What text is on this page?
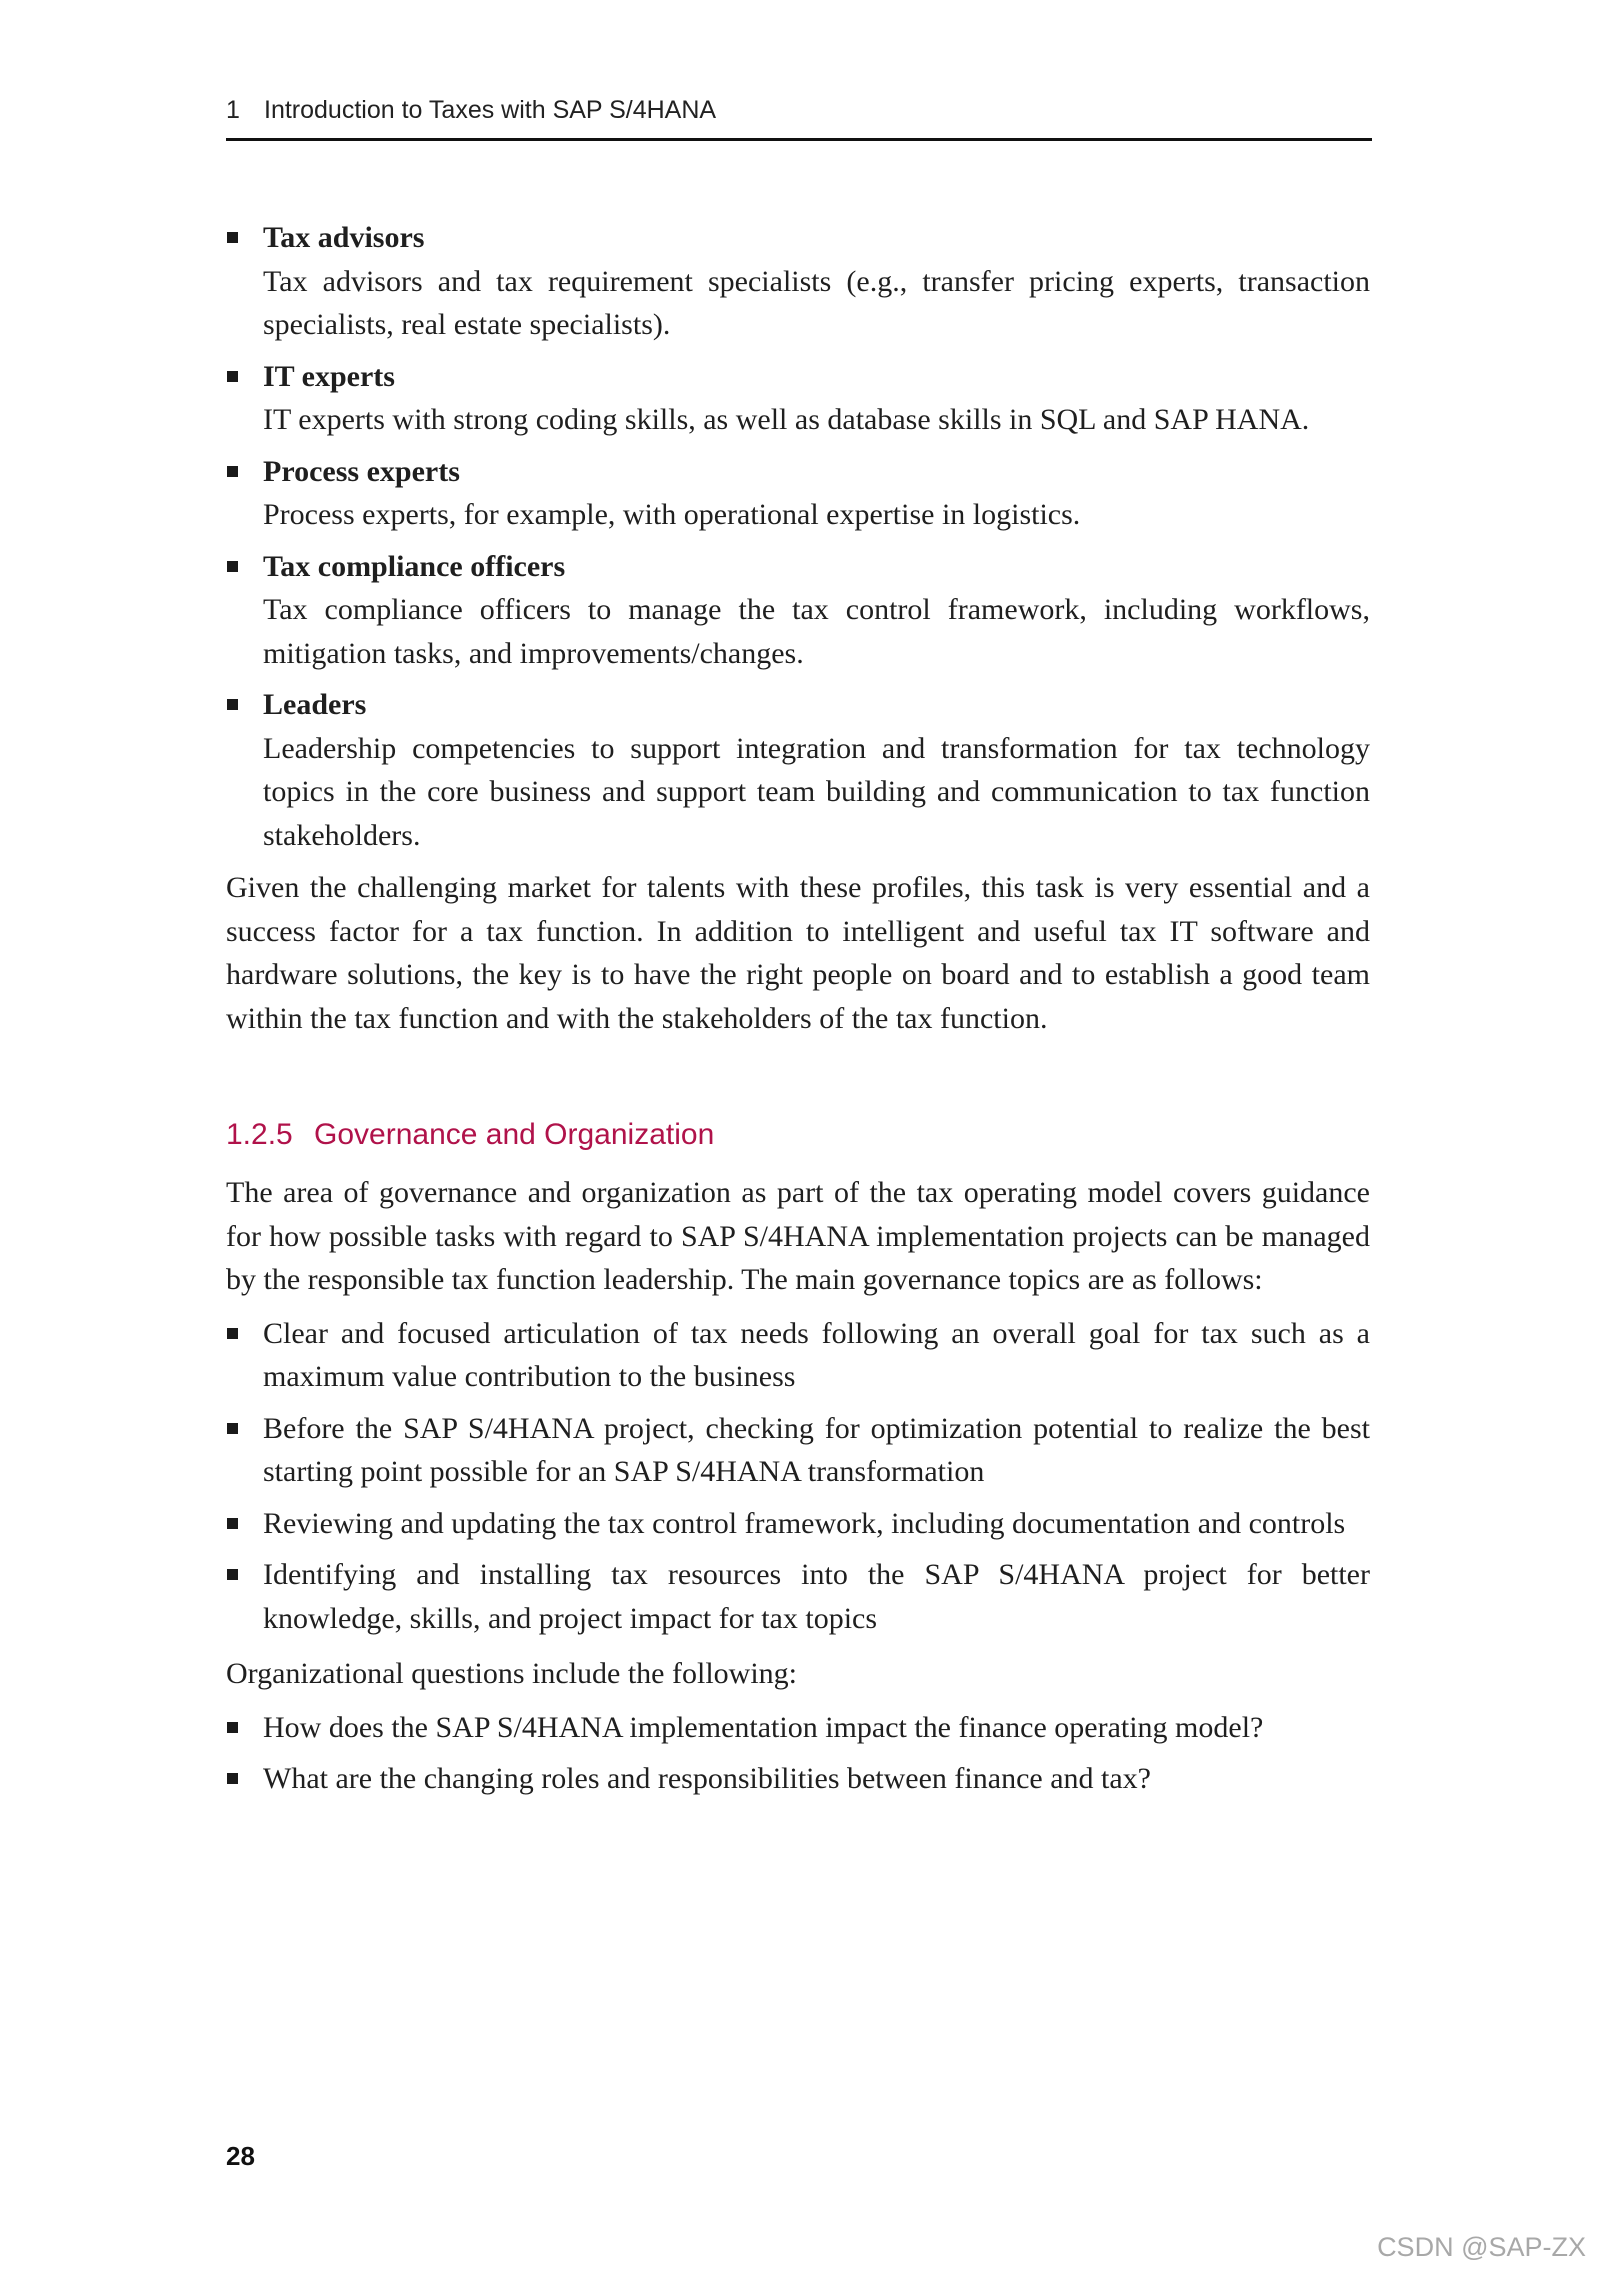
1 Introduction to Taxes with SAP S/4HANA
Tax advisors
Tax advisors and tax requirement specialists (e.g., transfer pricing experts, transaction specialists, real estate specialists).
IT experts
IT experts with strong coding skills, as well as database skills in SQL and SAP HANA.
Process experts
Process experts, for example, with operational expertise in logistics.
Tax compliance officers
Tax compliance officers to manage the tax control framework, including workflows, mitigation tasks, and improvements/changes.
Leaders
Leadership competencies to support integration and transformation for tax technology topics in the core business and support team building and communication to tax function stakeholders.

Given the challenging market for talents with these profiles, this task is very essential and a success factor for a tax function. In addition to intelligent and useful tax IT software and hardware solutions, the key is to have the right people on board and to establish a good team within the tax function and with the stakeholders of the tax function.

1.2.5 Governance and Organization

The area of governance and organization as part of the tax operating model covers guidance for how possible tasks with regard to SAP S/4HANA implementation projects can be managed by the responsible tax function leadership. The main governance topics are as follows:

Clear and focused articulation of tax needs following an overall goal for tax such as a maximum value contribution to the business
Before the SAP S/4HANA project, checking for optimization potential to realize the best starting point possible for an SAP S/4HANA transformation
Reviewing and updating the tax control framework, including documentation and controls
Identifying and installing tax resources into the SAP S/4HANA project for better knowledge, skills, and project impact for tax topics

Organizational questions include the following:

How does the SAP S/4HANA implementation impact the finance operating model?
What are the changing roles and responsibilities between finance and tax?
28
CSDN @SAP-ZX
